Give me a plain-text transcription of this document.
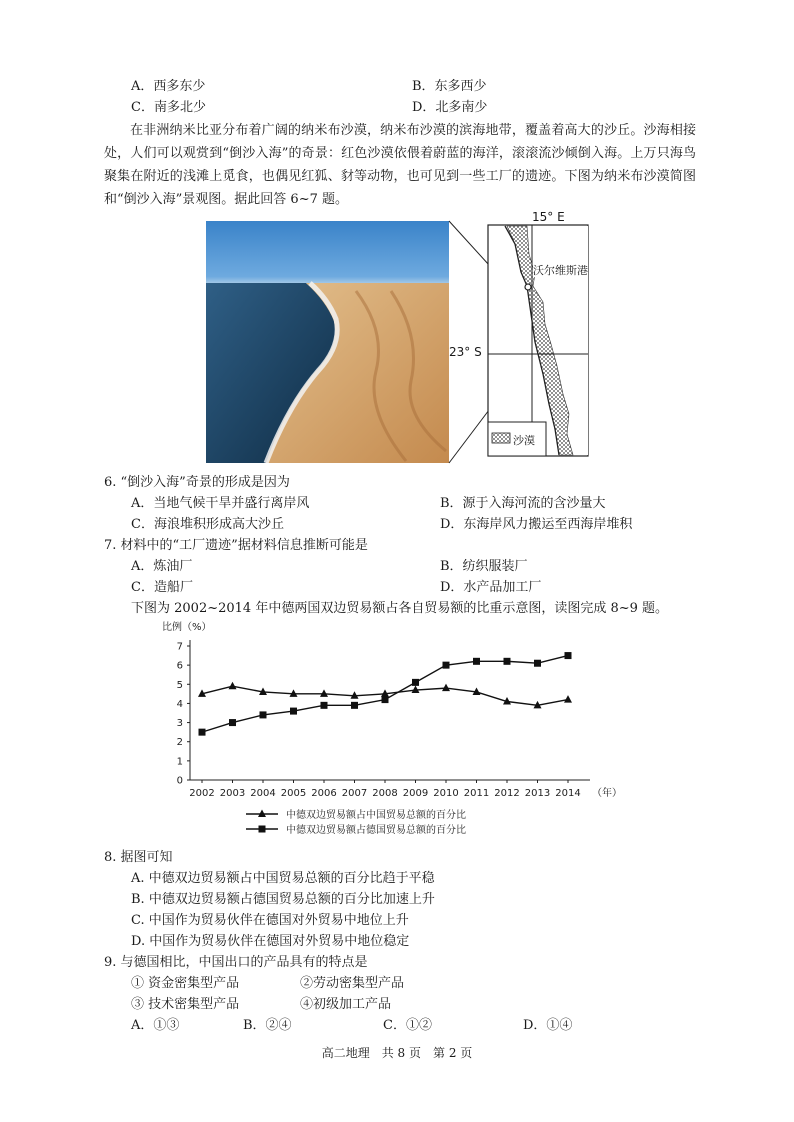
A．西多东少	B．东多西少
C．南多北少	D．北多南少
在非洲纳米比亚分布着广阔的纳米布沙漠，纳米布沙漠的滨海地带，覆盖着高大的沙丘。沙海相接处，人们可以观赏到“倒沙入海”的奇景：红色沙漠依偎着蔚蓝的海洋，滚滚流沙倾倒入海。上万只海鸟聚集在附近的浅滩上觅食，也偶见红狐、豺等动物，也可见到一些工厂的遗迹。下图为纳米布沙漠简图和“倒沙入海”景观图。据此回答 6~7 题。
15° E
23° S
沃尔维斯港
沙漠
6. “倒沙入海”奇景的形成是因为
A．当地气候干旱并盛行离岸风	B．源于入海河流的含沙量大
C．海浪堆积形成高大沙丘	D．东海岸风力搬运至西海岸堆积
7. 材料中的“工厂遗迹”据材料信息推断可能是
A．炼油厂	B．纺织服装厂
C．造船厂	D．水产品加工厂
下图为 2002~2014 年中德两国双边贸易额占各自贸易额的比重示意图，读图完成 8~9 题。
比例（%）
0
1
2
3
4
5
6
7
2002 2003 2004 2005 2006 2007 2008 2009 2010 2011 2012 2013 2014 （年）
中德双边贸易额占中国贸易总额的百分比
中德双边贸易额占德国贸易总额的百分比
8. 据图可知
A. 中德双边贸易额占中国贸易总额的百分比趋于平稳
B. 中德双边贸易额占德国贸易总额的百分比加速上升
C. 中国作为贸易伙伴在德国对外贸易中地位上升
D. 中国作为贸易伙伴在德国对外贸易中地位稳定
9. 与德国相比，中国出口的产品具有的特点是
① 资金密集型产品	②劳动密集型产品
③ 技术密集型产品	④初级加工产品
A．①③	B．②④	C．①②	D．①④
高二地理　共 8 页　第 2 页
